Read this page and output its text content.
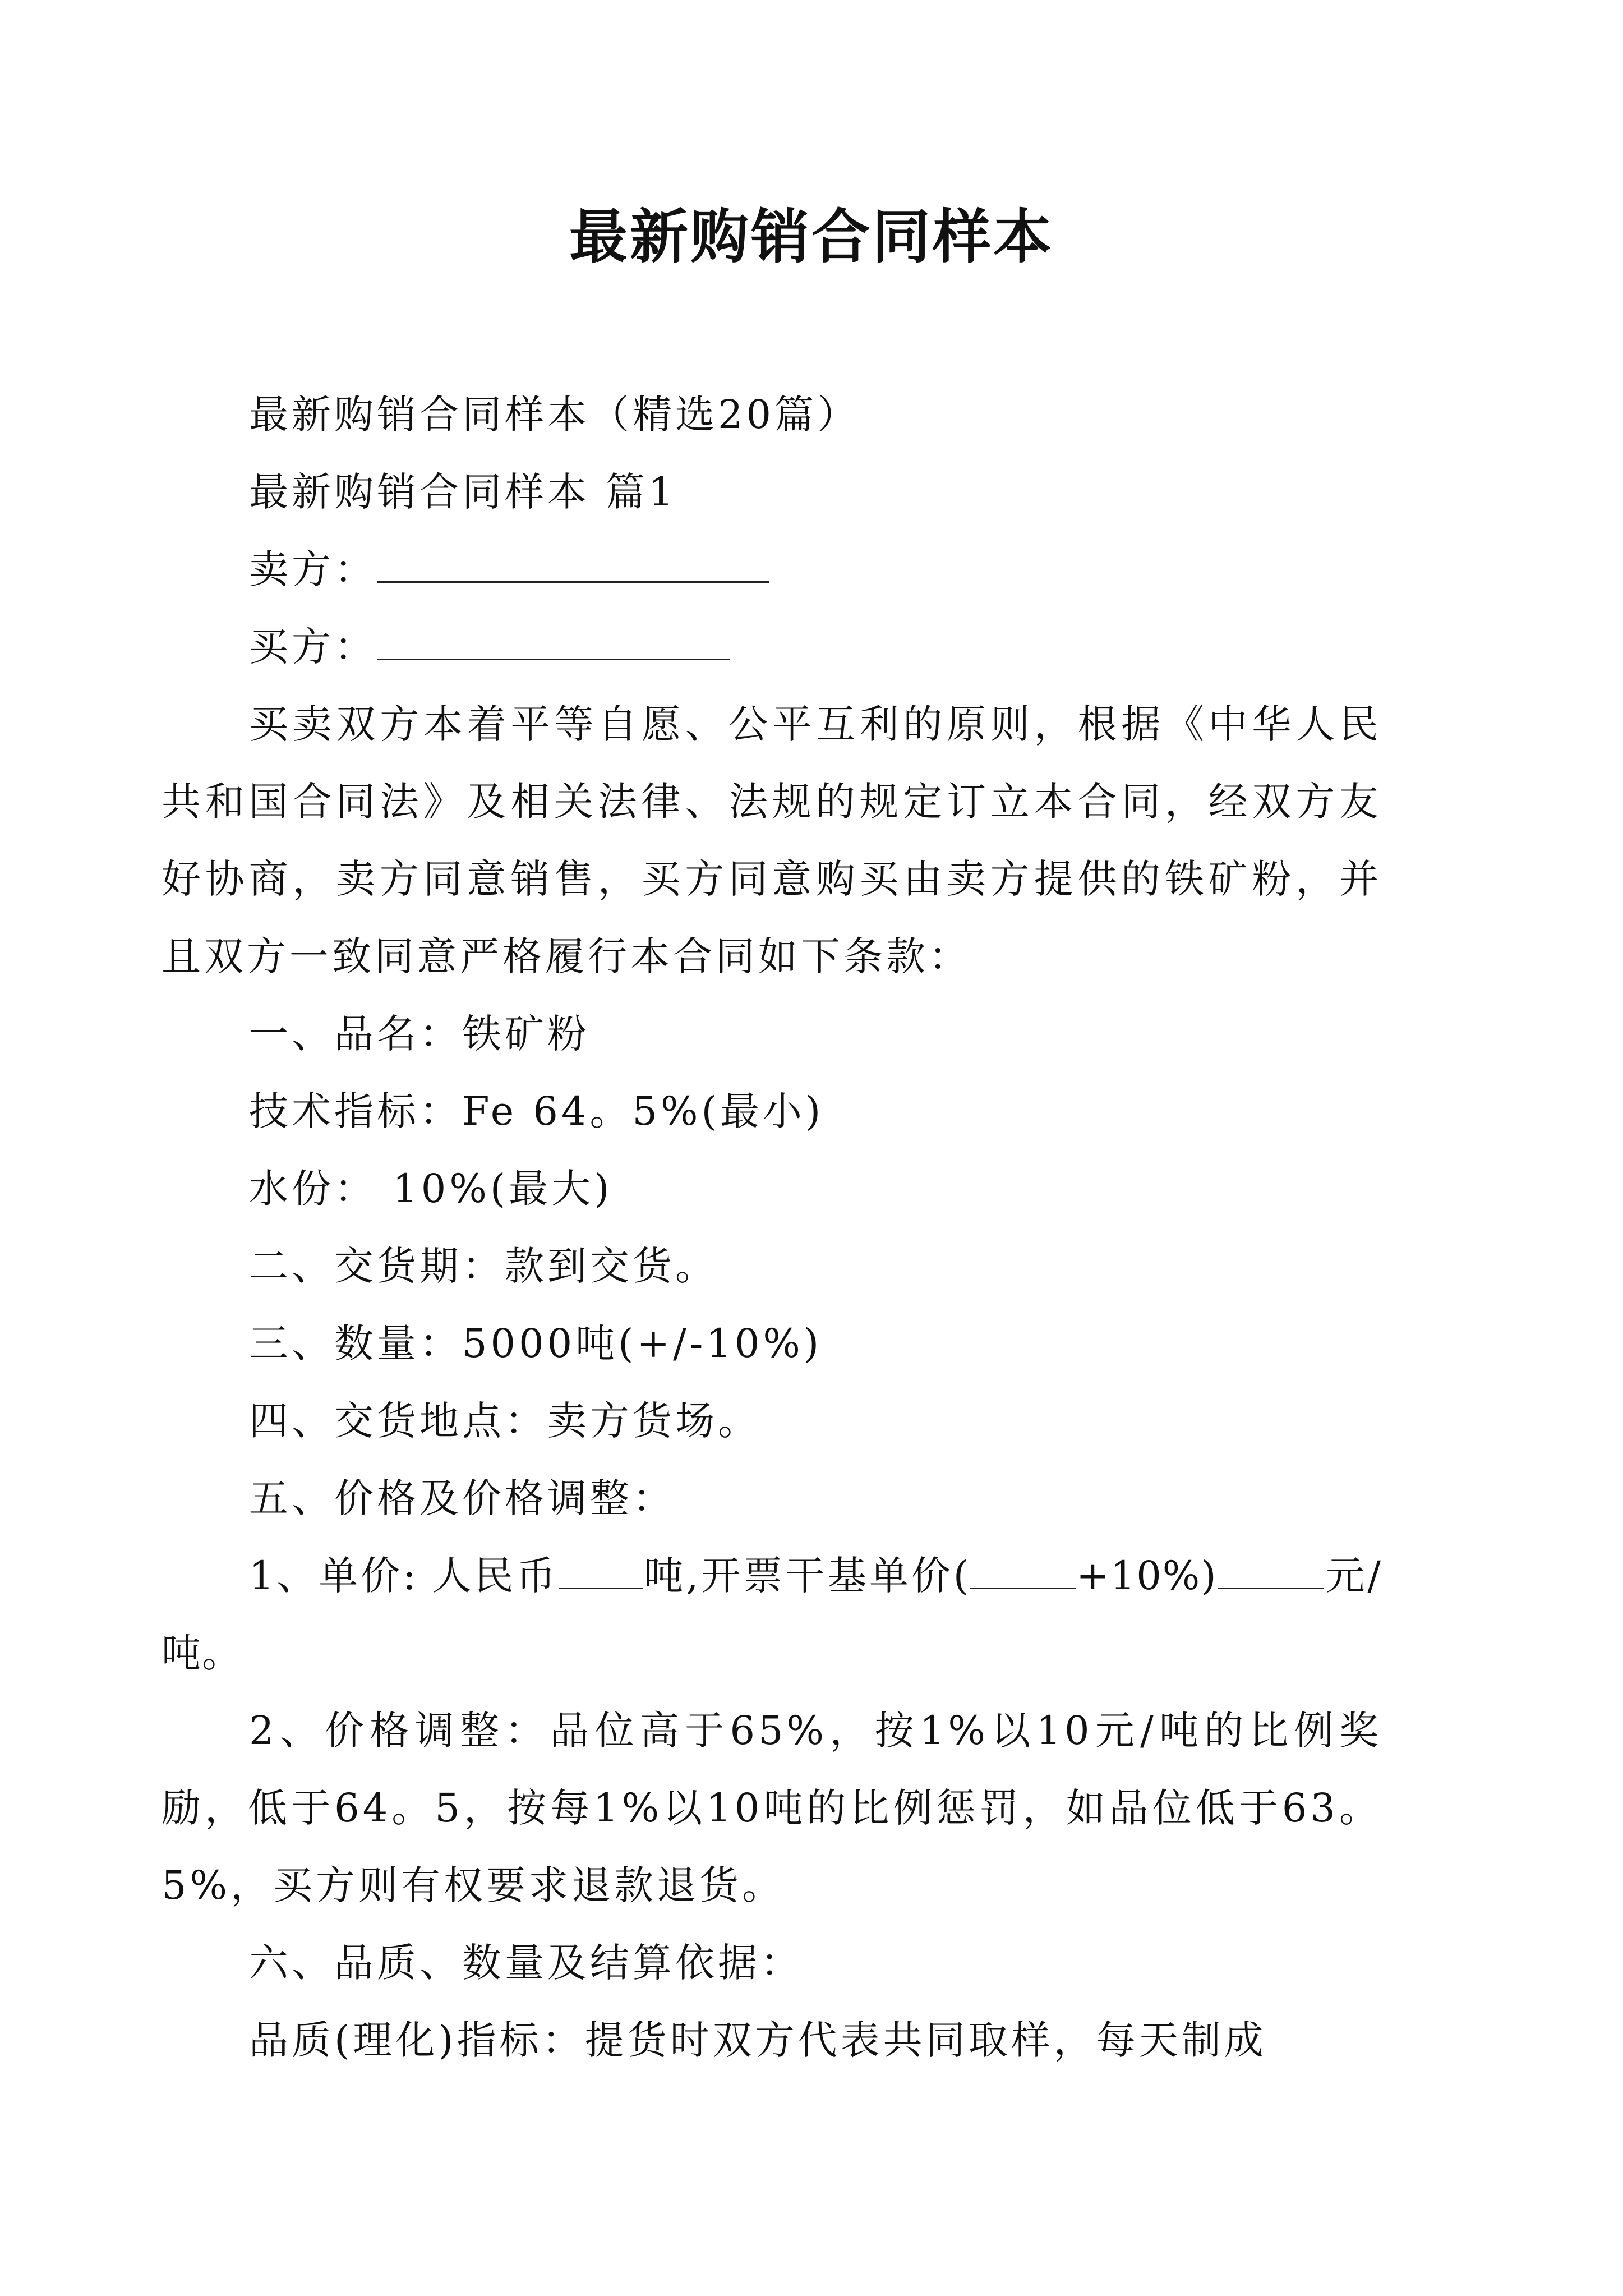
最新购销合同样本
最新购销合同样本（精选20篇）
最新购销合同样本 篇1
卖方：
买方：
买卖双方本着平等自愿、公平互利的原则，根据《中华人民共和国合同法》及相关法律、法规的规定订立本合同，经双方友好协商，卖方同意销售，买方同意购买由卖方提供的铁矿粉，并且双方一致同意严格履行本合同如下条款：
一、品名：铁矿粉
技术指标：Fe 64。5%(最小)
水份： 10%(最大)
二、交货期：款到交货。
三、数量：5000吨(+/-10%)
四、交货地点：卖方货场。
五、价格及价格调整：
1、单价: 人民币 吨,开票干基单价(	+10%)	元/吨。
2、价格调整：品位高于65%，按1%以10元/吨的比例奖励，低于64。5，按每1%以10吨的比例惩罚，如品位低于63。5%，买方则有权要求退款退货。
六、品质、数量及结算依据：
品质(理化)指标：提货时双方代表共同取样，每天制成
